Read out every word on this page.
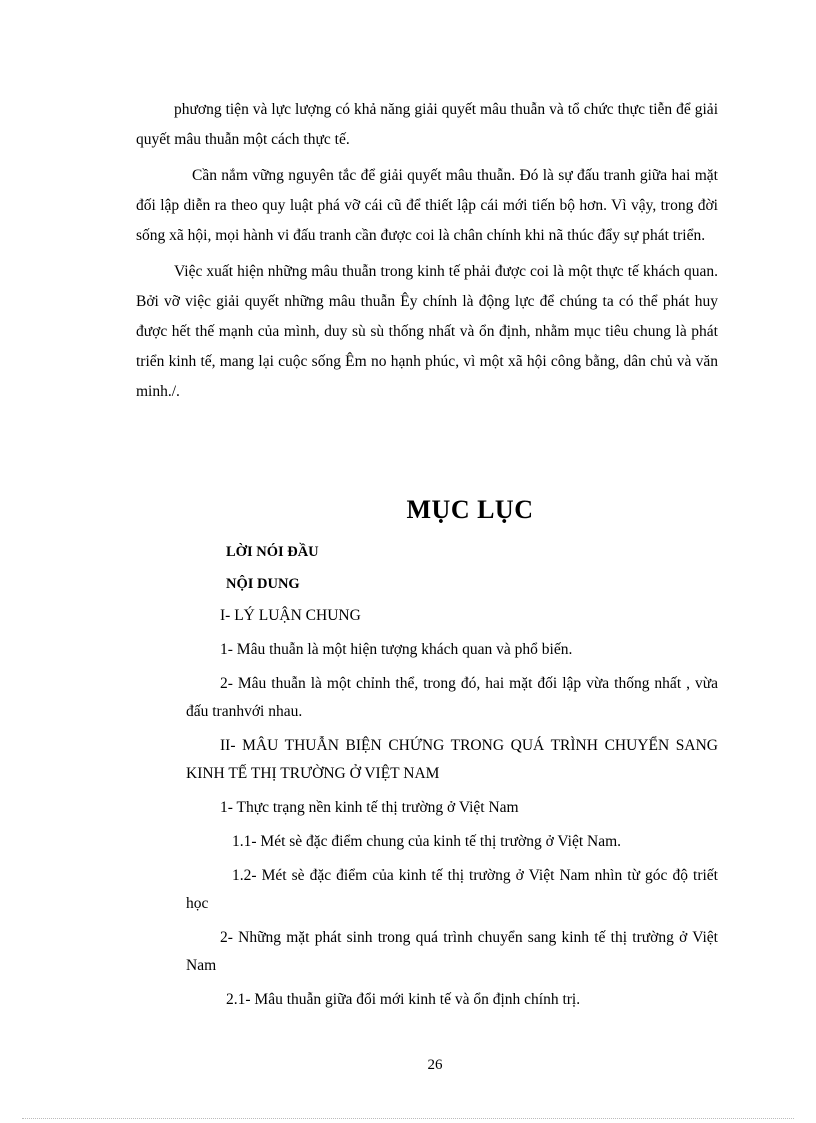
phương tiện và lực lượng có khả năng giải quyết mâu thuẫn và tổ chức thực tiễn để giải quyết mâu thuẫn một cách thực tế.

Cần nắm vững nguyên tắc để giải quyết mâu thuẫn. Đó là sự đấu tranh giữa hai mặt đối lập diễn ra theo quy luật phá vỡ cái cũ để thiết lập cái mới tiến bộ hơn. Vì vậy, trong đời sống xã hội, mọi hành vi đấu tranh cần được coi là chân chính khi nã thúc đẩy sự phát triển.

Việc xuất hiện những mâu thuẫn trong kinh tế phải được coi là một thực tế khách quan. Bởi vỡ việc giải quyết những mâu thuẫn Êy chính là động lực để chúng ta có thể phát huy được hết thế mạnh của mình, duy sù sù thống nhất và ổn định, nhằm mục tiêu chung là phát triển kinh tế, mang lại cuộc sống Êm no hạnh phúc, vì một xã hội công bằng, dân chủ và văn minh./.

MỤC LỤC

LỜI NÓI ĐẦU

NỘI DUNG

I- LÝ LUẬN CHUNG

1- Mâu thuẫn là một hiện tượng khách quan và phổ biến.

2- Mâu thuẫn là một chỉnh thể, trong đó, hai mặt đối lập vừa thống nhất , vừa đấu tranhvới nhau.

II- MÂU THUẪN BIỆN CHỨNG TRONG QUÁ TRÌNH CHUYỂN SANG KINH TẾ THỊ TRƯỜNG Ở VIỆT NAM

1- Thực trạng nền kinh tế thị trường ở Việt Nam

1.1- Mét sè đặc điểm chung của kinh tế thị trường ở Việt Nam.

1.2- Mét sè đặc điểm của kinh tế thị trường ở Việt Nam nhìn từ góc độ triết học

2- Những mặt phát sinh trong quá trình chuyển sang kinh tế thị trường ở Việt Nam

2.1- Mâu thuẫn giữa đổi mới kinh tế và ổn định chính trị.

26
